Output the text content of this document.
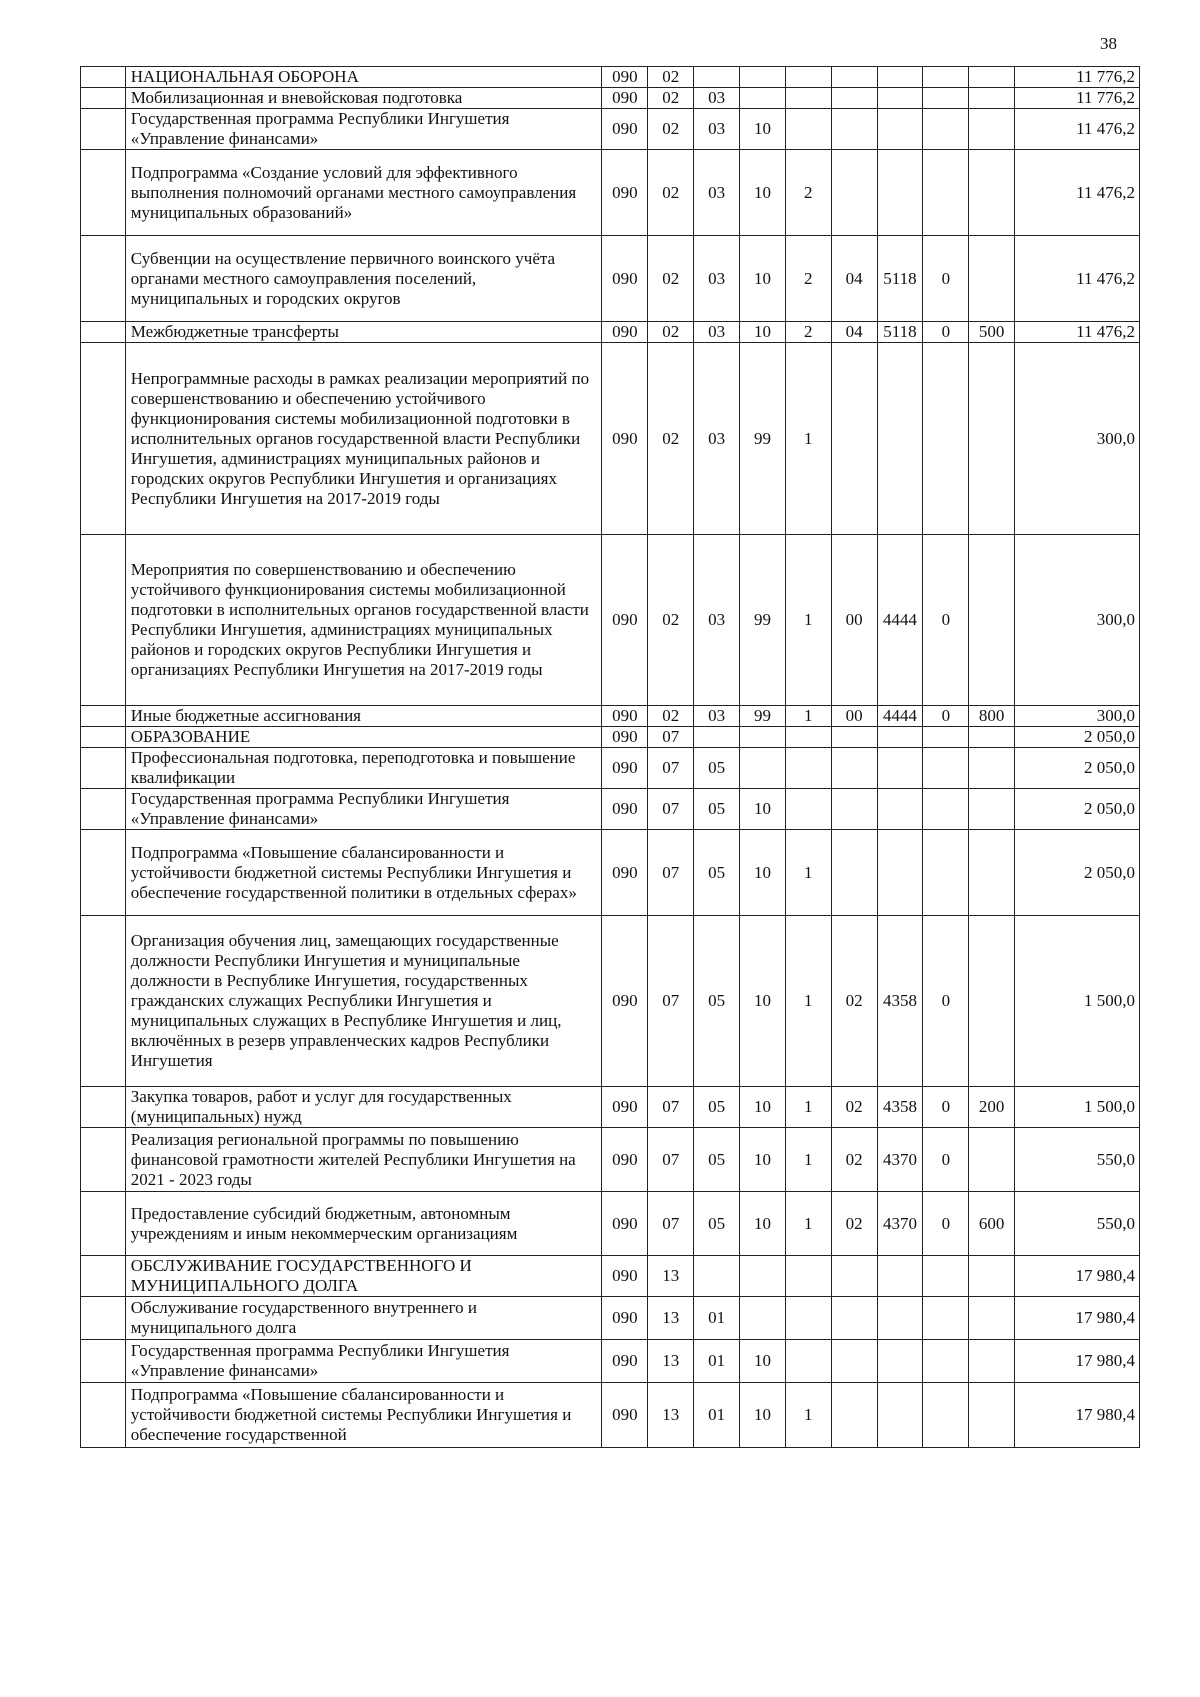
38
	НАЦИОНАЛЬНАЯ ОБОРОНА	090	02								11 776,2
	Мобилизационная и вневойсковая подготовка	090	02	03							11 776,2
	Государственная программа Республики Ингушетия «Управление финансами»	090	02	03	10						11 476,2
	Подпрограмма «Создание условий для эффективного выполнения полномочий органами местного самоуправления муниципальных образований»	090	02	03	10	2					11 476,2
	Субвенции на осуществление первичного воинского учёта органами местного самоуправления поселений, муниципальных и городских округов	090	02	03	10	2	04	5118	0		11 476,2
	Межбюджетные трансферты	090	02	03	10	2	04	5118	0	500	11 476,2
	Непрограммные расходы в рамках реализации мероприятий по совершенствованию и обеспечению устойчивого функционирования системы мобилизационной подготовки в исполнительных органов государственной власти Республики Ингушетия, администрациях муниципальных районов и городских округов Республики Ингушетия и организациях Республики Ингушетия на 2017-2019 годы	090	02	03	99	1					300,0
	Мероприятия по совершенствованию и обеспечению устойчивого функционирования системы мобилизационной подготовки в исполнительных органов государственной власти Республики Ингушетия, администрациях муниципальных районов и городских округов Республики Ингушетия и организациях Республики Ингушетия на 2017-2019 годы	090	02	03	99	1	00	4444	0		300,0
	Иные бюджетные ассигнования	090	02	03	99	1	00	4444	0	800	300,0
	ОБРАЗОВАНИЕ	090	07								2 050,0
	Профессиональная подготовка, переподготовка и повышение квалификации	090	07	05							2 050,0
	Государственная программа Республики Ингушетия «Управление финансами»	090	07	05	10						2 050,0
	Подпрограмма «Повышение сбалансированности и устойчивости бюджетной системы Республики Ингушетия и обеспечение государственной политики в отдельных сферах»	090	07	05	10	1					2 050,0
	Организация обучения лиц, замещающих государственные должности Республики Ингушетия и муниципальные должности в Республике Ингушетия, государственных гражданских служащих Республики Ингушетия и муниципальных служащих в Республике Ингушетия и лиц, включённых в резерв управленческих кадров Республики Ингушетия	090	07	05	10	1	02	4358	0		1 500,0
	Закупка товаров, работ и услуг для государственных (муниципальных) нужд	090	07	05	10	1	02	4358	0	200	1 500,0
	Реализация региональной программы по повышению финансовой грамотности жителей Республики Ингушетия на 2021 - 2023 годы	090	07	05	10	1	02	4370	0		550,0
	Предоставление субсидий бюджетным, автономным учреждениям и иным некоммерческим организациям	090	07	05	10	1	02	4370	0	600	550,0
	ОБСЛУЖИВАНИЕ ГОСУДАРСТВЕННОГО И МУНИЦИПАЛЬНОГО ДОЛГА	090	13								17 980,4
	Обслуживание государственного внутреннего и муниципального долга	090	13	01							17 980,4
	Государственная программа Республики Ингушетия «Управление финансами»	090	13	01	10						17 980,4
	Подпрограмма «Повышение сбалансированности и устойчивости бюджетной системы Республики Ингушетия и обеспечение государственной	090	13	01	10	1					17 980,4
